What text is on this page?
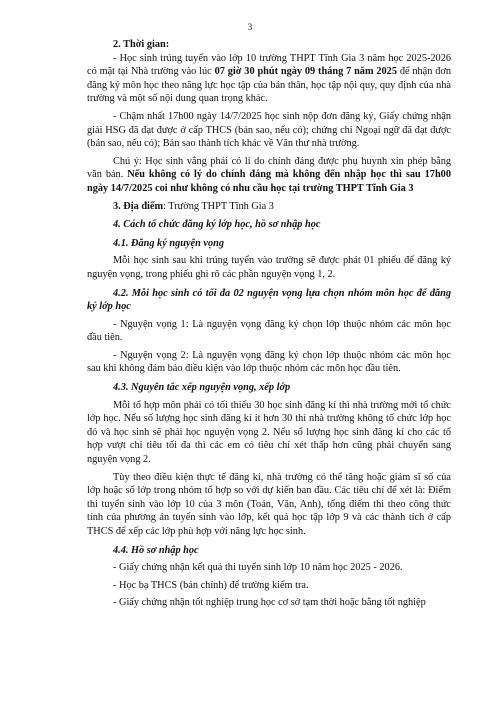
3

2. Thời gian:

- Học sinh trúng tuyển vào lớp 10 trường THPT Tĩnh Gia 3 năm học 2025-2026 có mặt tại Nhà trường vào lúc 07 giờ 30 phút ngày 09 tháng 7 năm 2025 để nhận đơn đăng ký môn học theo năng lực học tập của bản thân, học tập nội quy, quy định của nhà trường và một số nội dung quan trọng khác.

- Chậm nhất 17h00 ngày 14/7/2025 học sinh nộp đơn đăng ký, Giấy chứng nhận giải HSG đã đạt được ở cấp THCS (bản sao, nếu có); chứng chỉ Ngoại ngữ đã đạt được (bản sao, nếu có); Bản sao thành tích khác về Văn thư nhà trường.

Chú ý: Học sinh vắng phải có lí do chính đáng được phụ huynh xin phép bằng văn bản. Nếu không có lý do chính đáng mà không đến nhập học thì sau 17h00 ngày 14/7/2025 coi như không có nhu cầu học tại trường THPT Tĩnh Gia 3

3. Địa điểm: Trường THPT Tĩnh Gia 3

4. Cách tổ chức đăng ký lớp học, hồ sơ nhập học

4.1. Đăng ký nguyện vọng

Mỗi học sinh sau khi trúng tuyển vào trường sẽ được phát 01 phiếu để đăng ký nguyện vọng, trong phiếu ghi rõ các phần nguyện vọng 1, 2.

4.2. Mỗi học sinh có tối đa 02 nguyện vọng lựa chọn nhóm môn học để đăng ký lớp học

- Nguyện vọng 1: Là nguyện vọng đăng ký chọn lớp thuộc nhóm các môn học đầu tiên.

- Nguyện vọng 2: Là nguyện vọng đăng ký chọn lớp thuộc nhóm các môn học sau khi không đảm bảo điều kiện vào lớp thuộc nhóm các môn học đầu tiên.

4.3. Nguyên tắc xếp nguyện vọng, xếp lớp

Mỗi tổ hợp môn phải có tối thiểu 30 học sinh đăng kí thì nhà trường mới tổ chức lớp học. Nếu số lượng học sinh đăng kí ít hơn 30 thì nhà trường không tổ chức lớp học đó và học sinh sẽ phải học nguyện vọng 2. Nếu số lượng học sinh đăng kí cho các tổ hợp vượt chỉ tiêu tối đa thì các em có tiêu chí xét thấp hơn cũng phải chuyển sang nguyện vọng 2.

Tùy theo điều kiện thực tế đăng kí, nhà trường có thể tăng hoặc giảm sĩ số của lớp hoặc số lớp trong nhóm tổ hợp so với dự kiến ban đầu. Các tiêu chí để xét là: Điểm thi tuyển sinh vào lớp 10 của 3 môn (Toán, Văn, Anh), tổng điểm thi theo công thức tính của phương án tuyển sinh vào lớp, kết quả học tập lớp 9 và các thành tích ở cấp THCS để xếp các lớp phù hợp với năng lực học sinh.

4.4. Hồ sơ nhập học

- Giấy chứng nhận kết quả thi tuyển sinh lớp 10 năm học 2025 - 2026.

- Học bạ THCS (bản chính) để trường kiểm tra.

- Giấy chứng nhận tốt nghiệp trung học cơ sở tạm thời hoặc bằng tốt nghiệp
